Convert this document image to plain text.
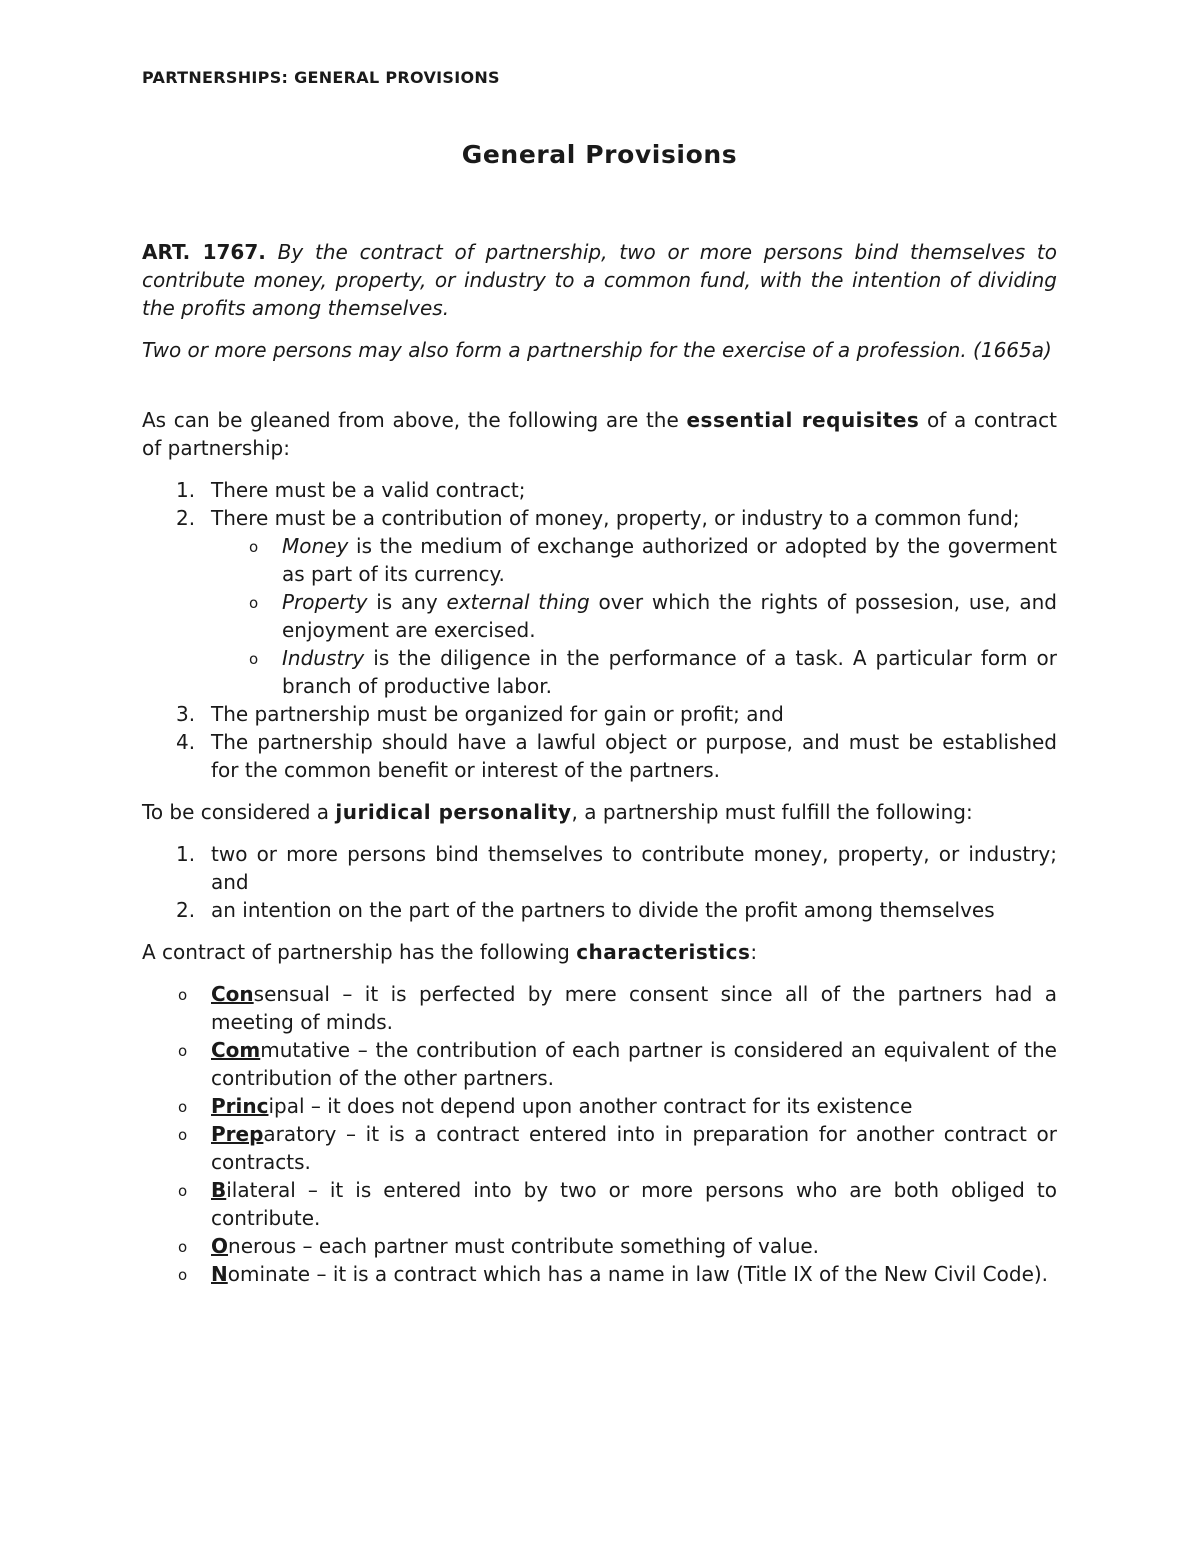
PARTNERSHIPS: GENERAL PROVISIONS
General Provisions

ART. 1767. By the contract of partnership, two or more persons bind themselves to contribute money, property, or industry to a common fund, with the intention of dividing the profits among themselves.

Two or more persons may also form a partnership for the exercise of a profession. (1665a)

As can be gleaned from above, the following are the essential requisites of a contract of partnership:

1. There must be a valid contract;
2. There must be a contribution of money, property, or industry to a common fund;
o Money is the medium of exchange authorized or adopted by the goverment as part of its currency.
o Property is any external thing over which the rights of possesion, use, and enjoyment are exercised.
o Industry is the diligence in the performance of a task. A particular form or branch of productive labor.
3. The partnership must be organized for gain or profit; and
4. The partnership should have a lawful object or purpose, and must be established for the common benefit or interest of the partners.

To be considered a juridical personality, a partnership must fulfill the following:

1. two or more persons bind themselves to contribute money, property, or industry; and
2. an intention on the part of the partners to divide the profit among themselves

A contract of partnership has the following characteristics:

o Consensual – it is perfected by mere consent since all of the partners had a meeting of minds.
o Commutative – the contribution of each partner is considered an equivalent of the contribution of the other partners.
o Principal – it does not depend upon another contract for its existence
o Preparatory – it is a contract entered into in preparation for another contract or contracts.
o Bilateral – it is entered into by two or more persons who are both obliged to contribute.
o Onerous – each partner must contribute something of value.
o Nominate – it is a contract which has a name in law (Title IX of the New Civil Code).
